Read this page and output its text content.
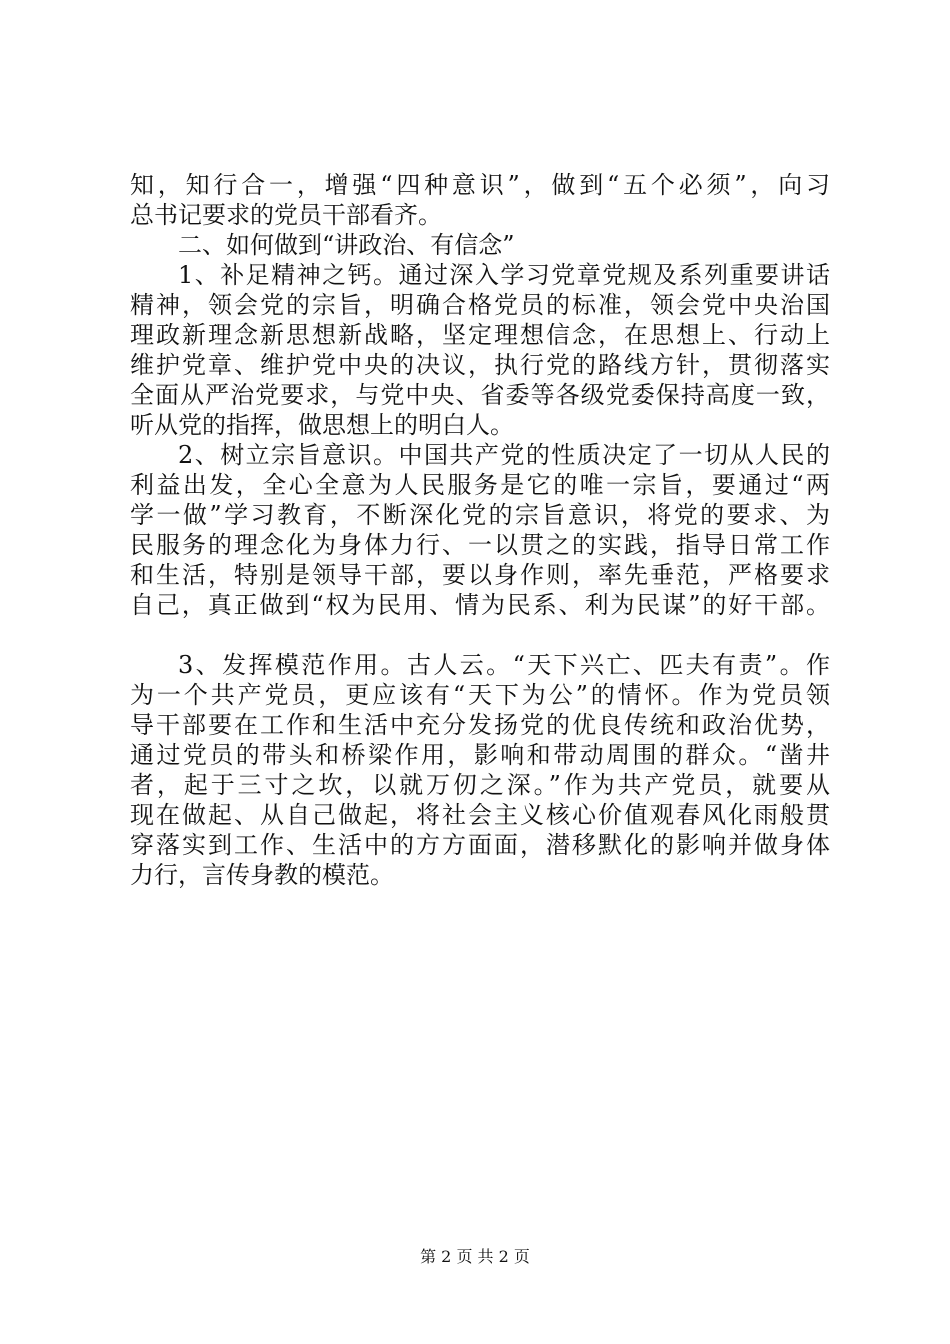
知，知行合一，增强“四种意识”，做到“五个必须”，向习
总书记要求的党员干部看齐。
二、如何做到“讲政治、有信念”
1、补足精神之钙。通过深入学习党章党规及系列重要讲话
精神，领会党的宗旨，明确合格党员的标准，领会党中央治国
理政新理念新思想新战略，坚定理想信念，在思想上、行动上
维护党章、维护党中央的决议，执行党的路线方针，贯彻落实
全面从严治党要求，与党中央、省委等各级党委保持高度一致，
听从党的指挥，做思想上的明白人。
2、树立宗旨意识。中国共产党的性质决定了一切从人民的
利益出发，全心全意为人民服务是它的唯一宗旨，要通过“两
学一做”学习教育，不断深化党的宗旨意识，将党的要求、为
民服务的理念化为身体力行、一以贯之的实践，指导日常工作
和生活，特别是领导干部，要以身作则，率先垂范，严格要求
自己，真正做到“权为民用、情为民系、利为民谋”的好干部。
3、发挥模范作用。古人云。“天下兴亡、匹夫有责”。作
为一个共产党员，更应该有“天下为公”的情怀。作为党员领
导干部要在工作和生活中充分发扬党的优良传统和政治优势，
通过党员的带头和桥梁作用，影响和带动周围的群众。“凿井
者，起于三寸之坎，以就万仞之深。”作为共产党员，就要从
现在做起、从自己做起，将社会主义核心价值观春风化雨般贯
穿落实到工作、生活中的方方面面，潜移默化的影响并做身体
力行，言传身教的模范。
第 2 页 共 2 页
